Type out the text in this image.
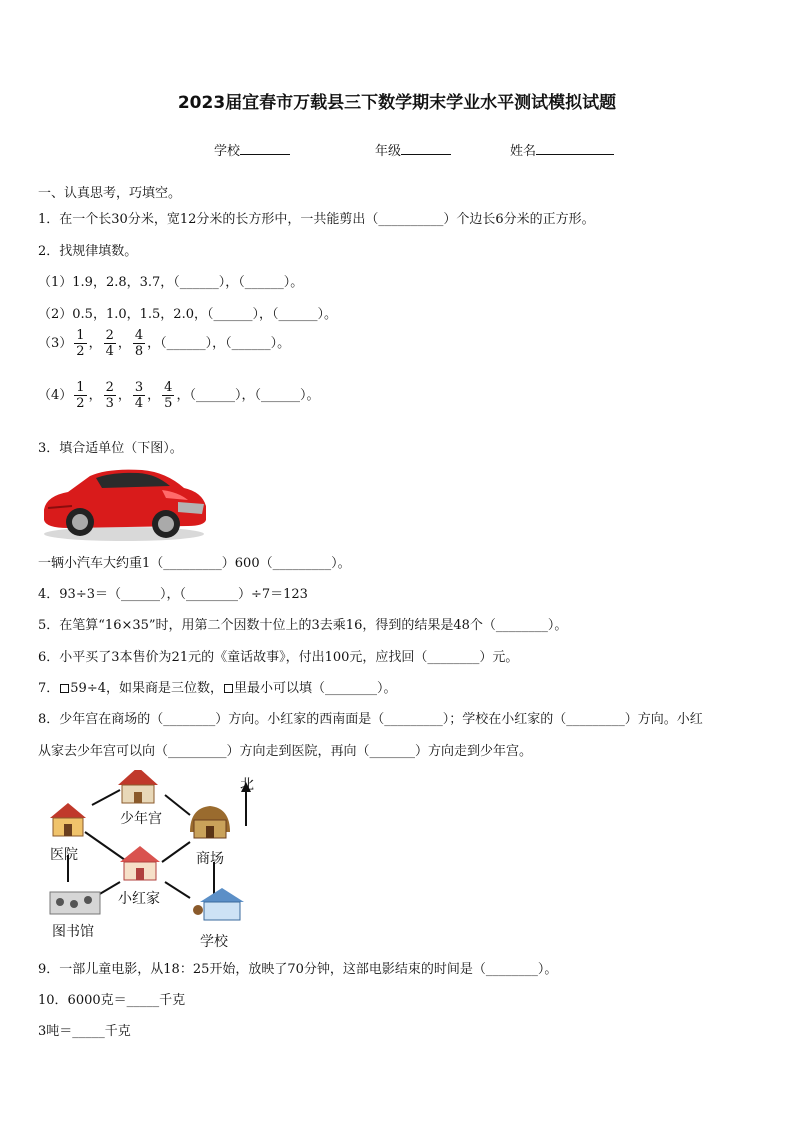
2023届宜春市万载县三下数学期末学业水平测试模拟试题
学校	年级	姓名
一、认真思考，巧填空。
1．在一个长30分米，宽12分米的长方形中，一共能剪出（__________）个边长6分米的正方形。
2．找规律填数。
（1）1.9，2.8，3.7，（______），（______）。
（2）0.5，1.0，1.5，2.0，（______），（______）。
$(3) \frac{1}{2}$ ， $\frac{2}{4}$ ， $\frac{4}{8}$ ，（______），（______）。
$(4) \frac{1}{2}$ ， $\frac{2}{3}$ ， $\frac{3}{4}$ ， $\frac{4}{5}$ ，（______），（______）。
3．填合适单位（下图）。
一辆小汽车大约重1（_________）600（_________）。
4．93÷3＝（______），（________）÷7＝123
5．在笔算“16×35”时，用第二个因数十位上的3去乘16，得到的结果是48个（________）。
6．小平买了3本售价为21元的《童话故事》，付出100元，应找回（________）元。
7． 59÷4，如果商是三位数， 里最小可以填（________）。
8．少年宫在商场的（________）方向。小红家的西南面是（_________）；学校在小红家的（_________）方向。小红
从家去少年宫可以向（_________）方向走到医院，再向（_______）方向走到少年宫。
北
少年宫
医院	商场
小红家
图书馆
学校
9．一部儿童电影，从18：25开始，放映了70分钟，这部电影结束的时间是（________）。
10．6000克＝_____千克
3吨＝_____千克
